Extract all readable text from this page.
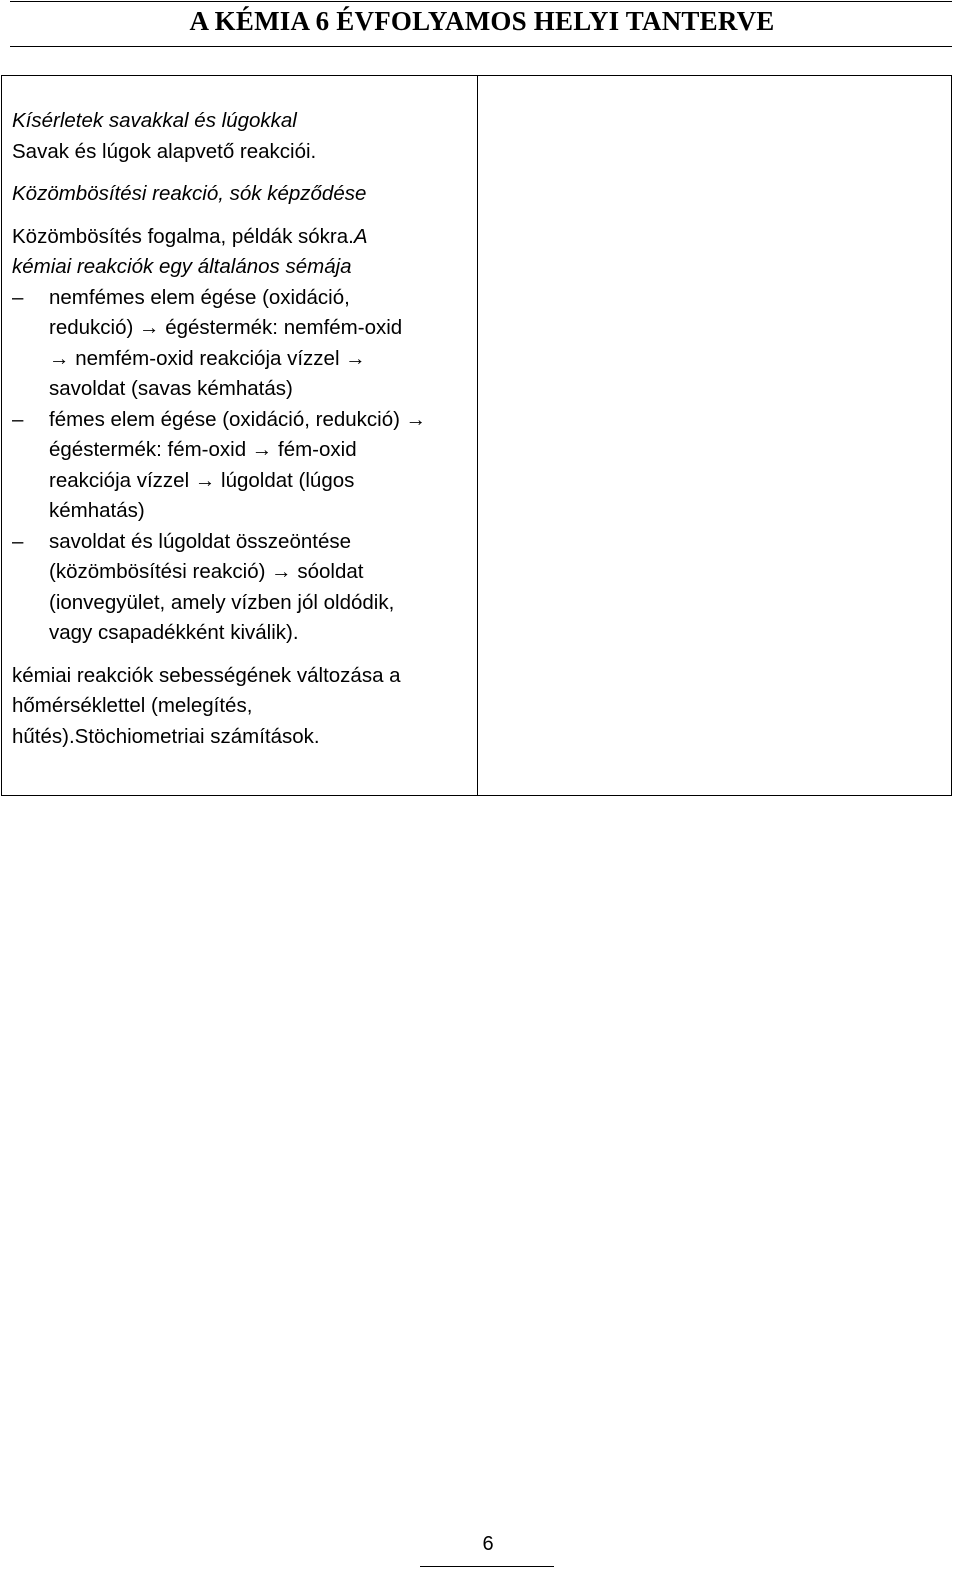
A KÉMIA 6 ÉVFOLYAMOS HELYI TANTERVE
Kísérletek savakkal és lúgokkal
Savak és lúgok alapvető reakciói.
Közömbösítési reakció, sók képződése
Közömbösítés fogalma, példák sókra.A
kémiai reakciók egy általános sémája
– nemfémes elem égése (oxidáció,
redukció) → égéstermék: nemfém-oxid
→ nemfém-oxid reakciója vízzel →
savoldat (savas kémhatás)
– fémes elem égése (oxidáció, redukció) →
égéstermék: fém-oxid → fém-oxid
reakciója vízzel → lúgoldat (lúgos
kémhatás)
– savoldat és lúgoldat összeöntése
(közömbösítési reakció) → sóoldat
(ionvegyület, amely vízben jól oldódik,
vagy csapadékként kiválik).
kémiai reakciók sebességének változása a
hőmérséklettel (melegítés,
hűtés).Stöchiometriai számítások.
6
